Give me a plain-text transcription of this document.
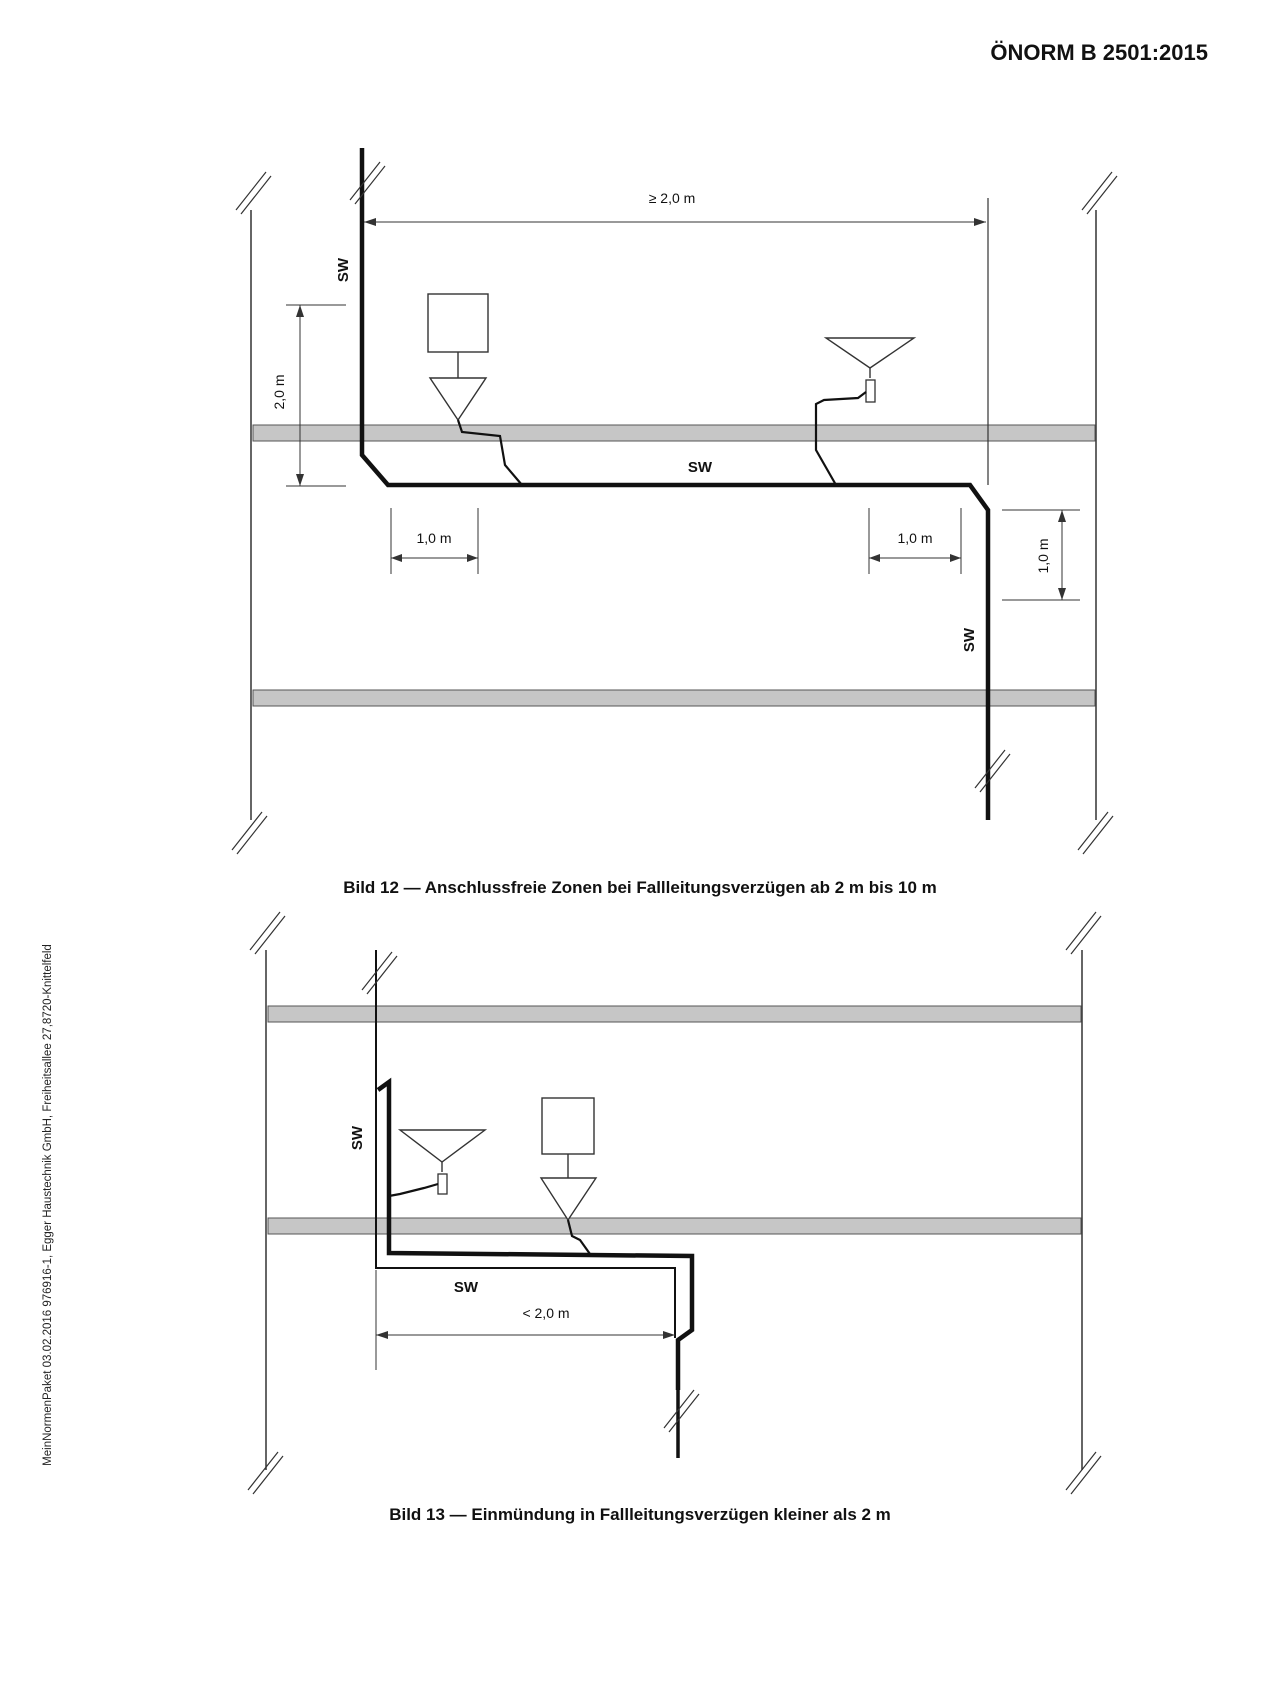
ÖNORM B 2501:2015
MeinNormenPaket 03.02.2016 976916-1, Egger Haustechnik GmbH, Freiheitsallee 27,8720-Knittelfeld
≥ 2,0 m
2,0 m
1,0 m	1,0 m
1,0 m
SW
SW
SW
Bild 12 — Anschlussfreie Zonen bei Fallleitungsverzügen ab 2 m bis 10 m
< 2,0 m
SW
SW
Bild 13 — Einmündung in Fallleitungsverzügen kleiner als 2 m
